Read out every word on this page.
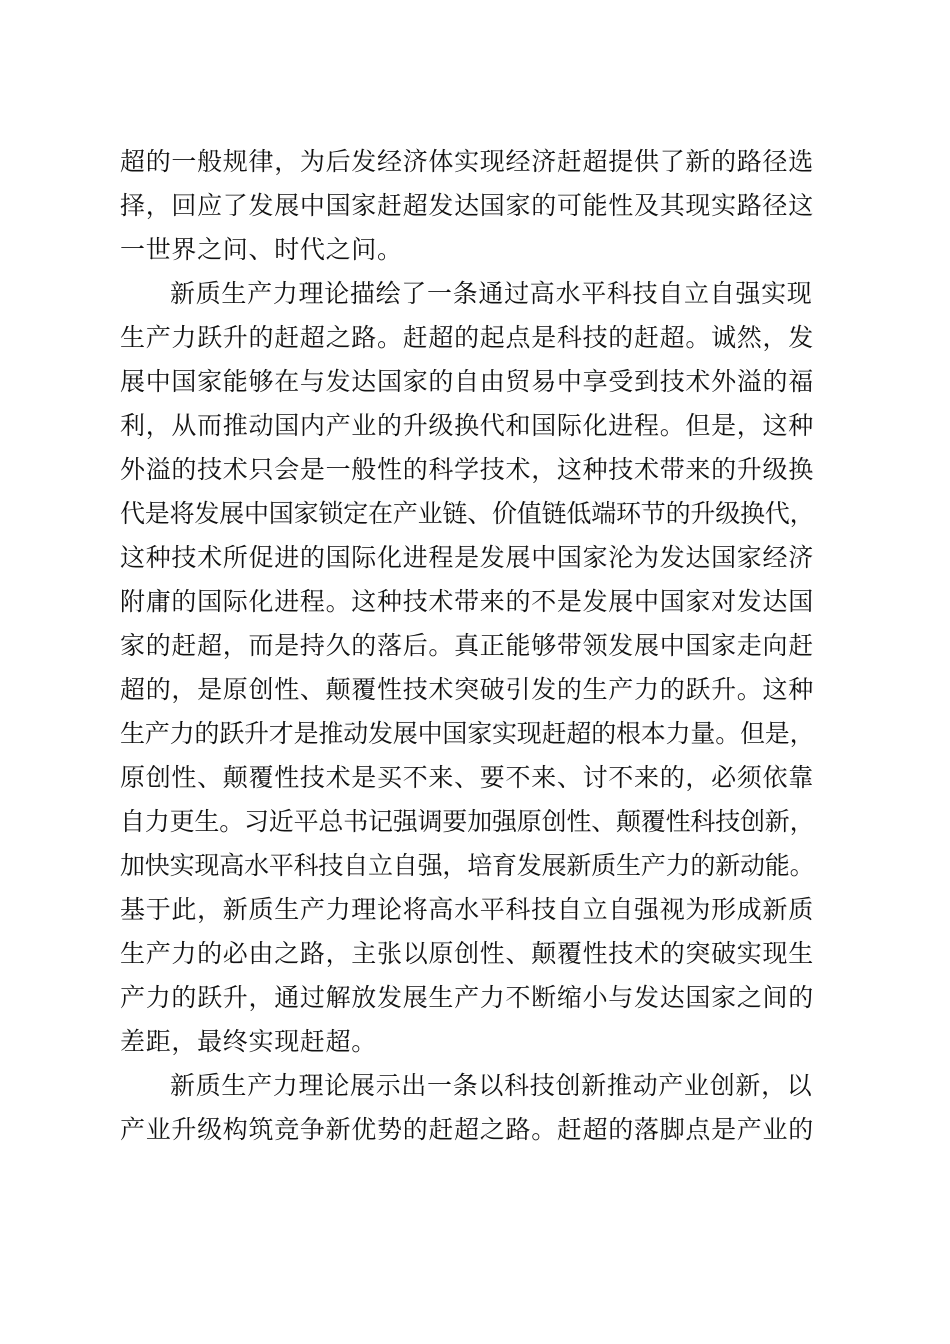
超的一般规律，为后发经济体实现经济赶超提供了新的路径选
择，回应了发展中国家赶超发达国家的可能性及其现实路径这
一世界之问、时代之问。
新质生产力理论描绘了一条通过高水平科技自立自强实现
生产力跃升的赶超之路。赶超的起点是科技的赶超。诚然，发
展中国家能够在与发达国家的自由贸易中享受到技术外溢的福
利，从而推动国内产业的升级换代和国际化进程。但是，这种
外溢的技术只会是一般性的科学技术，这种技术带来的升级换
代是将发展中国家锁定在产业链、价值链低端环节的升级换代，
这种技术所促进的国际化进程是发展中国家沦为发达国家经济
附庸的国际化进程。这种技术带来的不是发展中国家对发达国
家的赶超，而是持久的落后。真正能够带领发展中国家走向赶
超的，是原创性、颠覆性技术突破引发的生产力的跃升。这种
生产力的跃升才是推动发展中国家实现赶超的根本力量。但是，
原创性、颠覆性技术是买不来、要不来、讨不来的，必须依靠
自力更生。习近平总书记强调要加强原创性、颠覆性科技创新，
加快实现高水平科技自立自强，培育发展新质生产力的新动能。
基于此，新质生产力理论将高水平科技自立自强视为形成新质
生产力的必由之路，主张以原创性、颠覆性技术的突破实现生
产力的跃升，通过解放发展生产力不断缩小与发达国家之间的
差距，最终实现赶超。
新质生产力理论展示出一条以科技创新推动产业创新，以
产业升级构筑竞争新优势的赶超之路。赶超的落脚点是产业的
